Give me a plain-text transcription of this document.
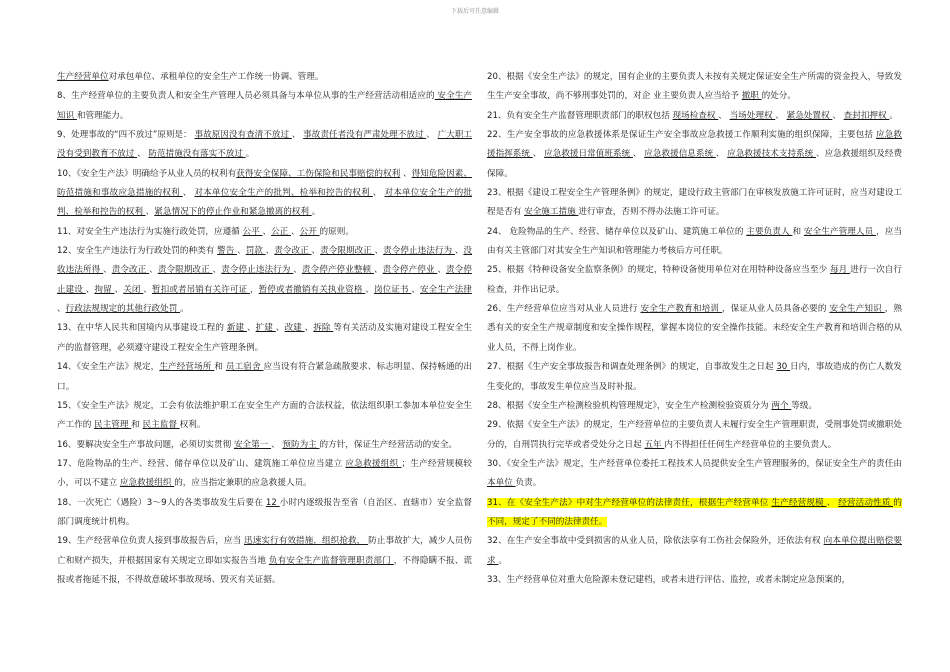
下载后可任意编辑

生产经营单位对承包单位、承租单位的安全生产工作统一协调、管理。

8、生产经营单位的主要负责人和安全生产管理人员必须具备与本单位从事的生产经营活动相适应的 安全生产知识 和管理能力。

9、处理事故的“四不放过”原则是： 事故原因没有查清不放过 、 事故责任者没有严肃处理不放过 、 广大职工没有受到教育不放过 、 防范措施没有落实不放过 。

10、《安全生产法》明确给予从业人员的权利有获得安全保障、工伤保险和民事赔偿的权利 、得知危险因素、防范措施和事故应急措施的权利 、 对本单位安全生产的批判、检举和控告的权利 、 对本单位安全生产的批判、检举和控告的权利 、紧急情况下的停止作业和紧急撤离的权利 。

11、对安全生产违法行为实施行政处罚，应遵循 公平 、公正 、公开 的原则。

12、安全生产违法行为行政处罚的种类有 警告 、罚款 、责令改正 、责令限期改正 、责令停止违法行为 、没收违法所得 、责令改正 、责令限期改正 、责令停止违法行为 、责令停产停业整顿 、责令停产停业 、责令停止建设 、拘留 、关闭 、暂扣或者吊销有关许可证 ，暂停或者撤销有关执业资格 、岗位证书 、安全生产法律 、行政法规规定的其他行政处罚 。

13、在中华人民共和国境内从事建设工程的 新建 、扩建 、改建 、拆除 等有关活动及实施对建设工程安全生产的监督管理，必须遵守建设工程安全生产管理条例。

14、《安全生产法》规定，生产经营场所 和 员工宿舍 应当设有符合紧急疏散要求、标志明显、保持畅通的出口。

15、《安全生产法》规定，工会有依法维护职工在安全生产方面的合法权益，依法组织职工参加本单位安全生产工作的 民主管理 和 民主监督 权利。

16、要解决安全生产事故问题，必须切实贯彻 安全第一 、 预防为主 的方针，保证生产经营活动的安全。

17、危险物品的生产、经营、储存单位以及矿山、建筑施工单位应当建立 应急救援组织 ；生产经营规模较小，可以不建立 应急救援组织 的，应当指定兼职的应急救援人员。

18、一次死亡（遇险）3～9人的各类事故发生后要在 12 小时内逐级报告至省（自治区、直辖市）安全监督部门调度统计机构。

19、生产经营单位负责人接到事故报告后，应当 迅速实行有效措施，组织抢救， 防止事故扩大，减少人员伤亡和财产损失，并根据国家有关规定立即如实报告当地 负有安全生产监督管理职责部门 ，不得隐瞒不报、谎报或者拖延不报，不得故意破坏事故现场、毁灭有关证据。

20、根据《安全生产法》的规定，国有企业的主要负责人未按有关规定保证安全生产所需的资金投入，导致发生生产安全事故，尚不够刑事处罚的，对企 业主要负责人应当给予 撤职 的处分。

21、负有安全生产监督管理职责部门的职权包括 现场检查权 、 当场处理权 、 紧急处置权 、 查封扣押权 。

22、生产安全事故的应急救援体系是保证生产安全事故应急救援工作顺利实施的组织保障，主要包括 应急救援指挥系统 、 应急救援日常值班系统 、 应急救援信息系统 、 应急救援技术支持系统 、应急救援组织及经费保障。

23、根据《建设工程安全生产管理条例》的规定，建设行政主管部门在审核发放施工许可证时，应当对建设工程是否有 安全施工措施 进行审查，否则不得办法施工许可证。

24、 危险物品的生产、经营、储存单位以及矿山、建筑施工单位的 主要负责人 和 安全生产管理人员 ，应当由有关主管部门对其安全生产知识和管理能力考核后方可任职。

25、根据《特种设备安全监察条例》的规定，特种设备使用单位对在用特种设备应当至少 每月 进行一次自行检查，并作出记录。

26、生产经营单位应当对从业人员进行 安全生产教育和培训 ，保证从业人员具备必要的 安全生产知识 ，熟悉有关的安全生产规章制度和安全操作规程，掌握本岗位的安全操作技能。未经安全生产教育和培训合格的从业人员，不得上岗作业。

27、根据《生产安全事故报告和调查处理条例》的规定，自事故发生之日起 30 日内，事故造成的伤亡人数发生变化的，事故发生单位应当及时补报。

28、根据《安全生产检测检验机构管理规定》，安全生产检测检验资质分为 两个 等级。

29、依据《安全生产法》的规定，生产经营单位的主要负责人未履行安全生产管理职责，受刑事处罚或撤职处分的，自刑罚执行完毕或者受处分之日起 五年 内不得担任任何生产经营单位的主要负责人。

30、《安全生产法》规定，生产经营单位委托工程技术人员提供安全生产管理服务的，保证安全生产的责任由 本单位 负责。

31、在《安全生产法》中对生产经营单位的法律责任，根据生产经营单位 生产经营规模 、 经营活动性质 的不同，规定了不同的法律责任。

32、在生产安全事故中受到损害的从业人员，除依法享有工伤社会保险外，还依法有权 向本单位提出赔偿要求 。

33、生产经营单位对重大危险源未登记建档，或者未进行评估、监控，或者未制定应急预案的，
